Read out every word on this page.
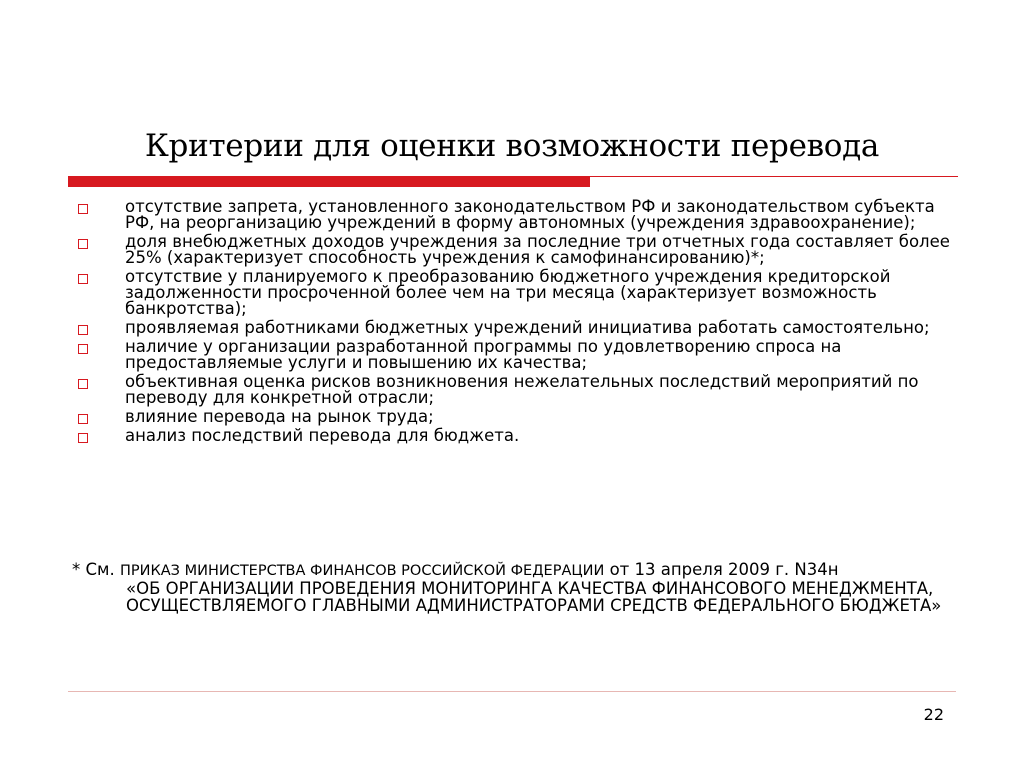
Критерии для оценки возможности перевода
отсутствие запрета, установленного законодательством РФ и законодательством субъекта РФ, на реорганизацию учреждений в форму автономных (учреждения здравоохранение);
доля внебюджетных доходов учреждения за последние три отчетных года составляет более 25% (характеризует способность учреждения к самофинансированию)*;
отсутствие у планируемого к преобразованию бюджетного учреждения кредиторской задолженности просроченной более чем на три месяца (характеризует возможность банкротства);
проявляемая работниками бюджетных учреждений инициатива работать самостоятельно;
наличие у организации разработанной программы по удовлетворению спроса на предоставляемые услуги и повышению их качества;
объективная оценка рисков возникновения нежелательных последствий мероприятий по переводу для конкретной отрасли;
влияние перевода на рынок труда;
анализ последствий перевода для бюджета.
* См. ПРИКАЗ МИНИСТЕРСТВА ФИНАНСОВ РОССИЙСКОЙ ФЕДЕРАЦИИ от 13 апреля 2009 г. N34н
«ОБ ОРГАНИЗАЦИИ ПРОВЕДЕНИЯ МОНИТОРИНГА КАЧЕСТВА ФИНАНСОВОГО МЕНЕДЖМЕНТА, ОСУЩЕСТВЛЯЕМОГО ГЛАВНЫМИ АДМИНИСТРАТОРАМИ СРЕДСТВ ФЕДЕРАЛЬНОГО БЮДЖЕТА»
22
